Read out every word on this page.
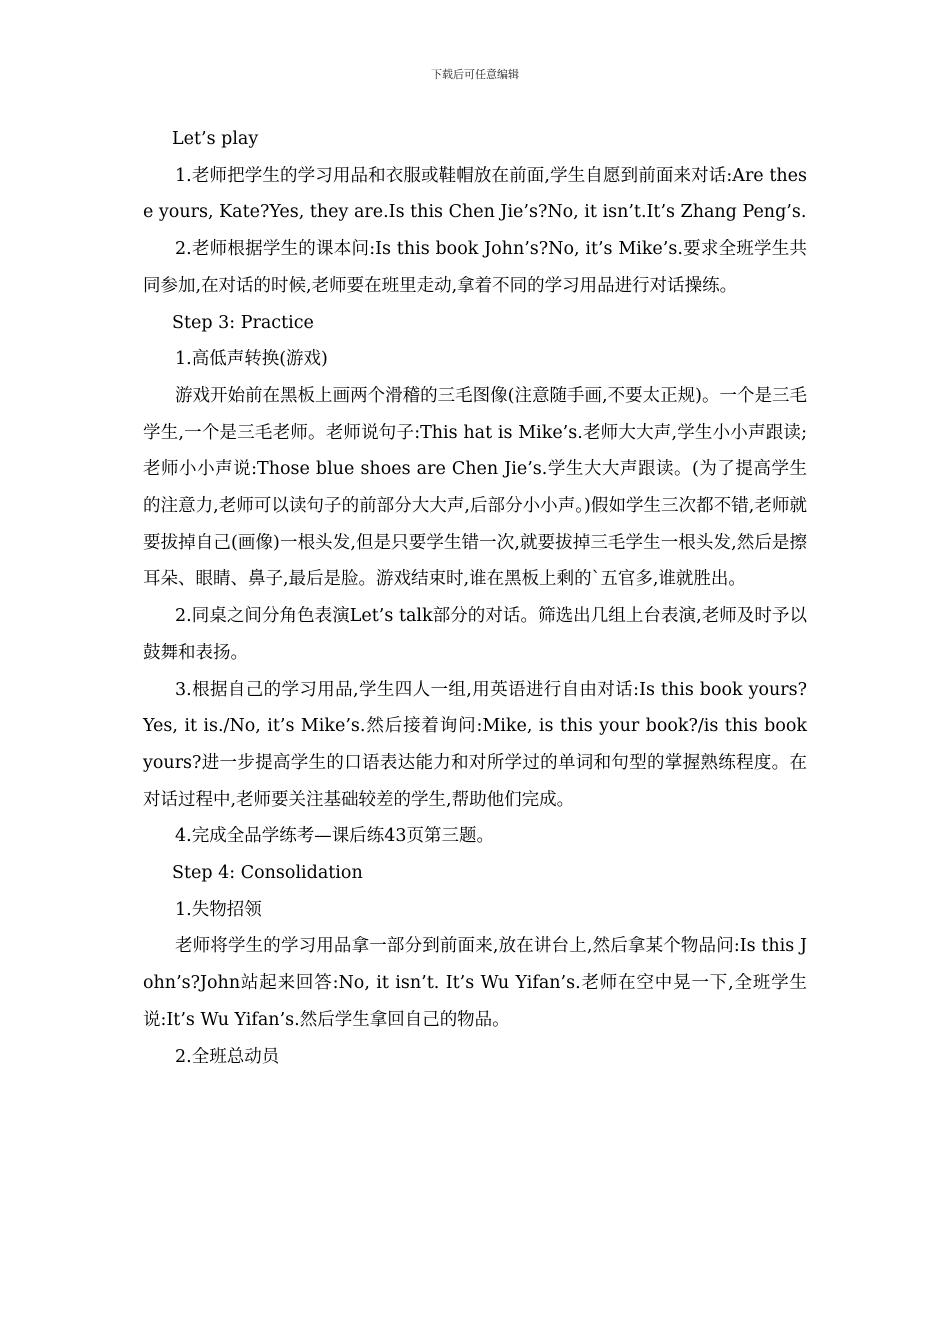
下载后可任意编辑

Let’s play

1.老师把学生的学习用品和衣服或鞋帽放在前面,学生自愿到前面来对话:Are these yours, Kate?Yes, they are.Is this Chen Jie’s?No, it isn’t.It’s Zhang Peng’s.

2.老师根据学生的课本问:Is this book John’s?No, it’s Mike’s.要求全班学生共同参加,在对话的时候,老师要在班里走动,拿着不同的学习用品进行对话操练。

Step 3: Practice

1.高低声转换(游戏)

游戏开始前在黑板上画两个滑稽的三毛图像(注意随手画,不要太正规)。一个是三毛学生,一个是三毛老师。老师说句子:This hat is Mike’s.老师大大声,学生小小声跟读;老师小小声说:Those blue shoes are Chen Jie’s.学生大大声跟读。(为了提高学生的注意力,老师可以读句子的前部分大大声,后部分小小声。)假如学生三次都不错,老师就要拔掉自己(画像)一根头发,但是只要学生错一次,就要拔掉三毛学生一根头发,然后是擦耳朵、眼睛、鼻子,最后是脸。游戏结束时,谁在黑板上剩的`五官多,谁就胜出。

2.同桌之间分角色表演Let’s talk部分的对话。筛选出几组上台表演,老师及时予以鼓舞和表扬。

3.根据自己的学习用品,学生四人一组,用英语进行自由对话:Is this book yours?Yes, it is./No, it’s Mike’s.然后接着询问:Mike, is this your book?/is this book yours?进一步提高学生的口语表达能力和对所学过的单词和句型的掌握熟练程度。在对话过程中,老师要关注基础较差的学生,帮助他们完成。

4.完成全品学练考—课后练43页第三题。

Step 4: Consolidation

1.失物招领

老师将学生的学习用品拿一部分到前面来,放在讲台上,然后拿某个物品问:Is this John’s?John站起来回答:No, it isn’t. It’s Wu Yifan’s.老师在空中晃一下,全班学生说:It’s Wu Yifan’s.然后学生拿回自己的物品。

2.全班总动员
